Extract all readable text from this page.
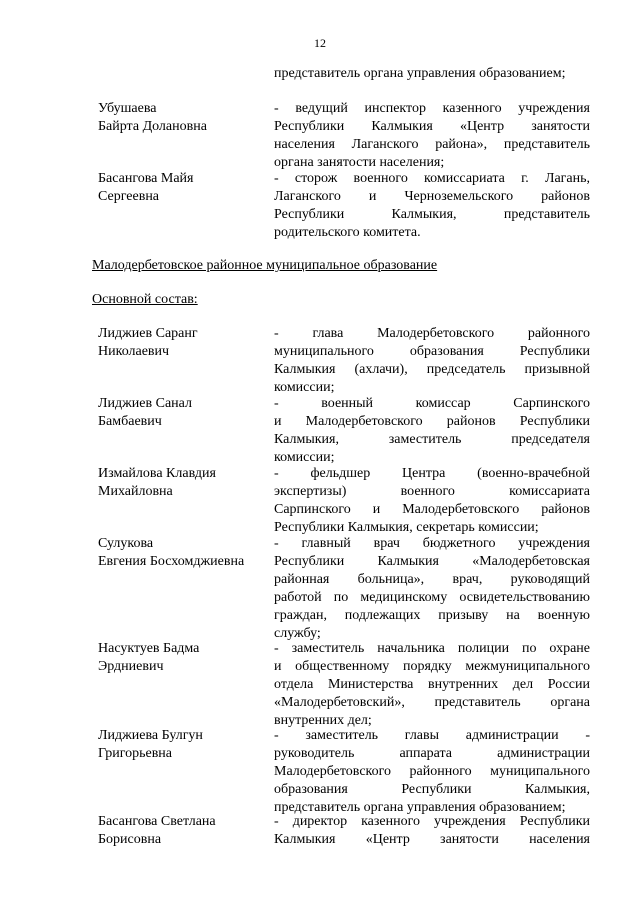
12
представитель органа управления образованием;
Убушаева
Байрта Долановна
- ведущий инспектор казенного учреждения
Республики Калмыкия «Центр занятости
населения Лаганского района», представитель
органа занятости населения;
Басангова Майя
Сергеевна
- сторож военного комиссариата г. Лагань,
Лаганского и Черноземельского районов
Республики Калмыкия, представитель
родительского комитета.
Малодербетовское районное муниципальное образование
Основной состав:
Лиджиев Саранг
Николаевич
- глава Малодербетовского районного
муниципального образования Республики
Калмыкия (ахлачи), председатель призывной
комиссии;
Лиджиев Санал
Бамбаевич
- военный комиссар Сарпинского
и Малодербетовского районов Республики
Калмыкия, заместитель председателя
комиссии;
Измайлова Клавдия
Михайловна
- фельдшер Центра (военно-врачебной
экспертизы) военного комиссариата
Сарпинского и Малодербетовского районов
Республики Калмыкия, секретарь комиссии;
Сулукова
Евгения Босхомджиевна
- главный врач бюджетного учреждения
Республики Калмыкия «Малодербетовская
районная больница», врач, руководящий
работой по медицинскому освидетельствованию
граждан, подлежащих призыву на военную
службу;
Насуктуев Бадма
Эрдниевич
- заместитель начальника полиции по охране
и общественному порядку межмуниципального
отдела Министерства внутренних дел России
«Малодербетовский», представитель органа
внутренних дел;
Лиджиева Булгун
Григорьевна
- заместитель главы администрации -
руководитель аппарата администрации
Малодербетовского районного муниципального
образования Республики Калмыкия,
представитель органа управления образованием;
Басангова Светлана
Борисовна
- директор казенного учреждения Республики
Калмыкия «Центр занятости населения
